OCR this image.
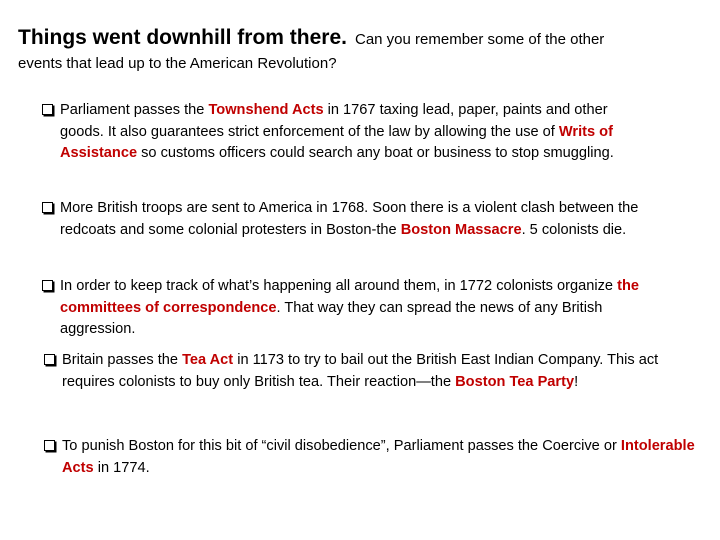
Things went downhill from there. Can you remember some of the other
events that lead up to the American Revolution?
Parliament passes the Townshend Acts in 1767 taxing lead, paper, paints and other goods. It also guarantees strict enforcement of the law by allowing the use of Writs of Assistance so customs officers could search any boat or business to stop smuggling.
More British troops are sent to America in 1768. Soon there is a violent clash between the redcoats and some colonial protesters in Boston-the Boston Massacre. 5 colonists die.
In order to keep track of what’s happening all around them, in 1772 colonists organize the committees of correspondence. That way they can spread the news of any British aggression.
Britain passes the Tea Act in 1173 to try to bail out the British East Indian Company. This act requires colonists to buy only British tea. Their reaction—the Boston Tea Party!
To punish Boston for this bit of “civil disobedience”, Parliament passes the Coercive or Intolerable Acts in 1774.
